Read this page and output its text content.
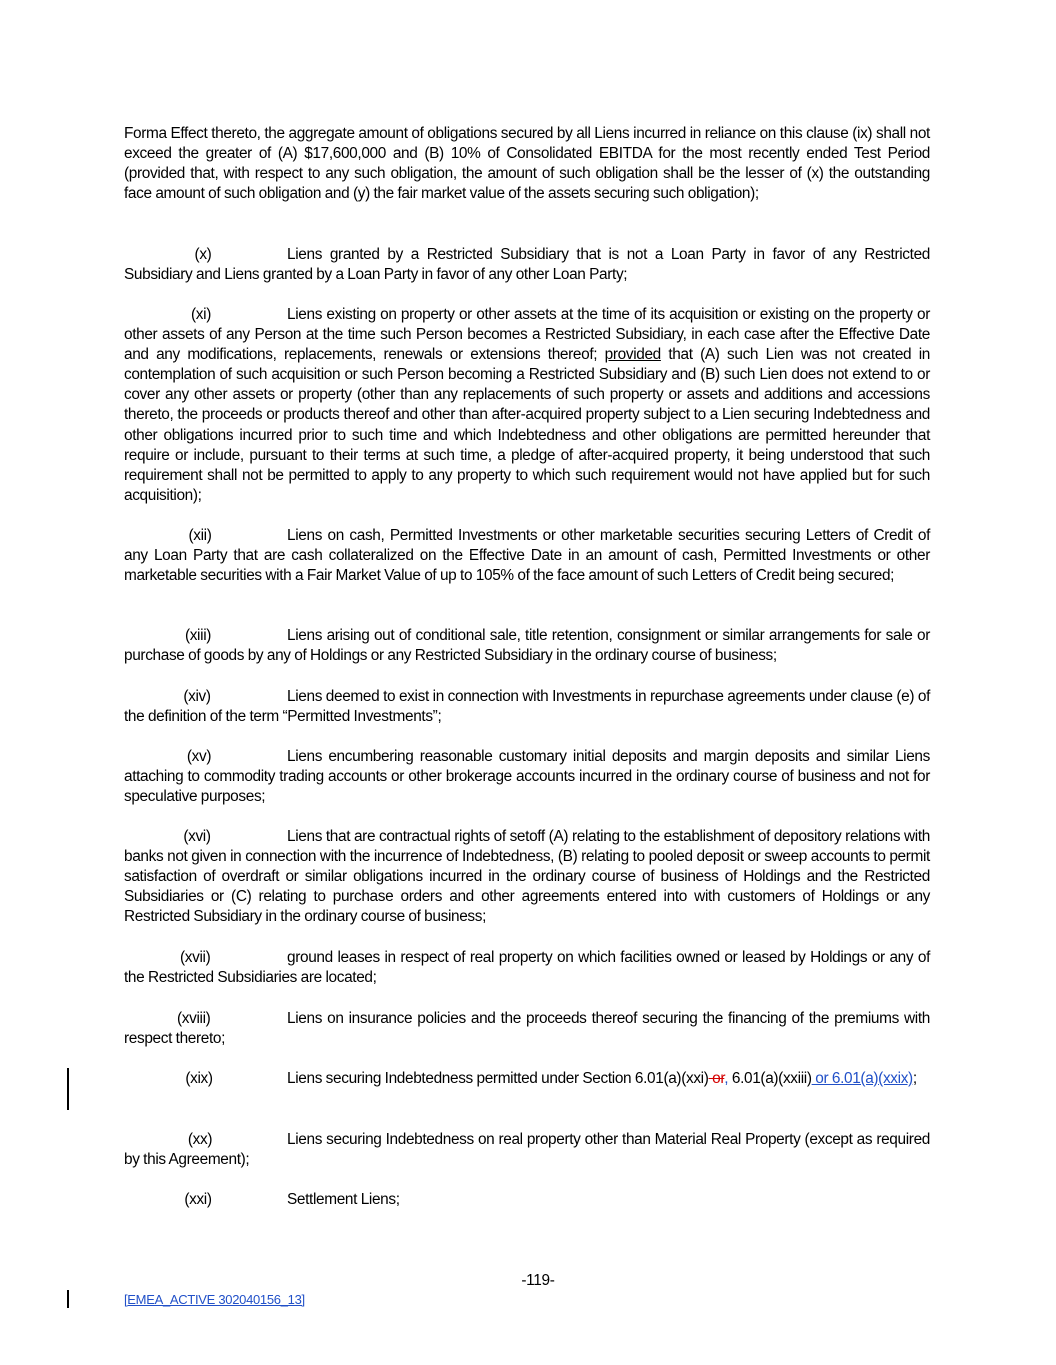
Forma Effect thereto, the aggregate amount of obligations secured by all Liens incurred in reliance on this clause (ix) shall not exceed the greater of (A) $17,600,000 and (B) 10% of Consolidated EBITDA for the most recently ended Test Period (provided that, with respect to any such obligation, the amount of such obligation shall be the lesser of (x) the outstanding face amount of such obligation and (y) the fair market value of the assets securing such obligation);
(x)	Liens granted by a Restricted Subsidiary that is not a Loan Party in favor of any Restricted Subsidiary and Liens granted by a Loan Party in favor of any other Loan Party;
(xi)	Liens existing on property or other assets at the time of its acquisition or existing on the property or other assets of any Person at the time such Person becomes a Restricted Subsidiary, in each case after the Effective Date and any modifications, replacements, renewals or extensions thereof; provided that (A) such Lien was not created in contemplation of such acquisition or such Person becoming a Restricted Subsidiary and (B) such Lien does not extend to or cover any other assets or property (other than any replacements of such property or assets and additions and accessions thereto, the proceeds or products thereof and other than after-acquired property subject to a Lien securing Indebtedness and other obligations incurred prior to such time and which Indebtedness and other obligations are permitted hereunder that require or include, pursuant to their terms at such time, a pledge of after-acquired property, it being understood that such requirement shall not be permitted to apply to any property to which such requirement would not have applied but for such acquisition);
(xii)	Liens on cash, Permitted Investments or other marketable securities securing Letters of Credit of any Loan Party that are cash collateralized on the Effective Date in an amount of cash, Permitted Investments or other marketable securities with a Fair Market Value of up to 105% of the face amount of such Letters of Credit being secured;
(xiii)	Liens arising out of conditional sale, title retention, consignment or similar arrangements for sale or purchase of goods by any of Holdings or any Restricted Subsidiary in the ordinary course of business;
(xiv)	Liens deemed to exist in connection with Investments in repurchase agreements under clause (e) of the definition of the term “Permitted Investments”;
(xv)	Liens encumbering reasonable customary initial deposits and margin deposits and similar Liens attaching to commodity trading accounts or other brokerage accounts incurred in the ordinary course of business and not for speculative purposes;
(xvi)	Liens that are contractual rights of setoff (A) relating to the establishment of depository relations with banks not given in connection with the incurrence of Indebtedness, (B) relating to pooled deposit or sweep accounts to permit satisfaction of overdraft or similar obligations incurred in the ordinary course of business of Holdings and the Restricted Subsidiaries or (C) relating to purchase orders and other agreements entered into with customers of Holdings or any Restricted Subsidiary in the ordinary course of business;
(xvii)	ground leases in respect of real property on which facilities owned or leased by Holdings or any of the Restricted Subsidiaries are located;
(xviii)	Liens on insurance policies and the proceeds thereof securing the financing of the premiums with respect thereto;
(xix)	Liens securing Indebtedness permitted under Section 6.01(a)(xxi) or, 6.01(a)(xxiii) or 6.01(a)(xxix);
(xx)	Liens securing Indebtedness on real property other than Material Real Property (except as required by this Agreement);
(xxi)	Settlement Liens;
-119-
[EMEA_ACTIVE 302040156_13]
